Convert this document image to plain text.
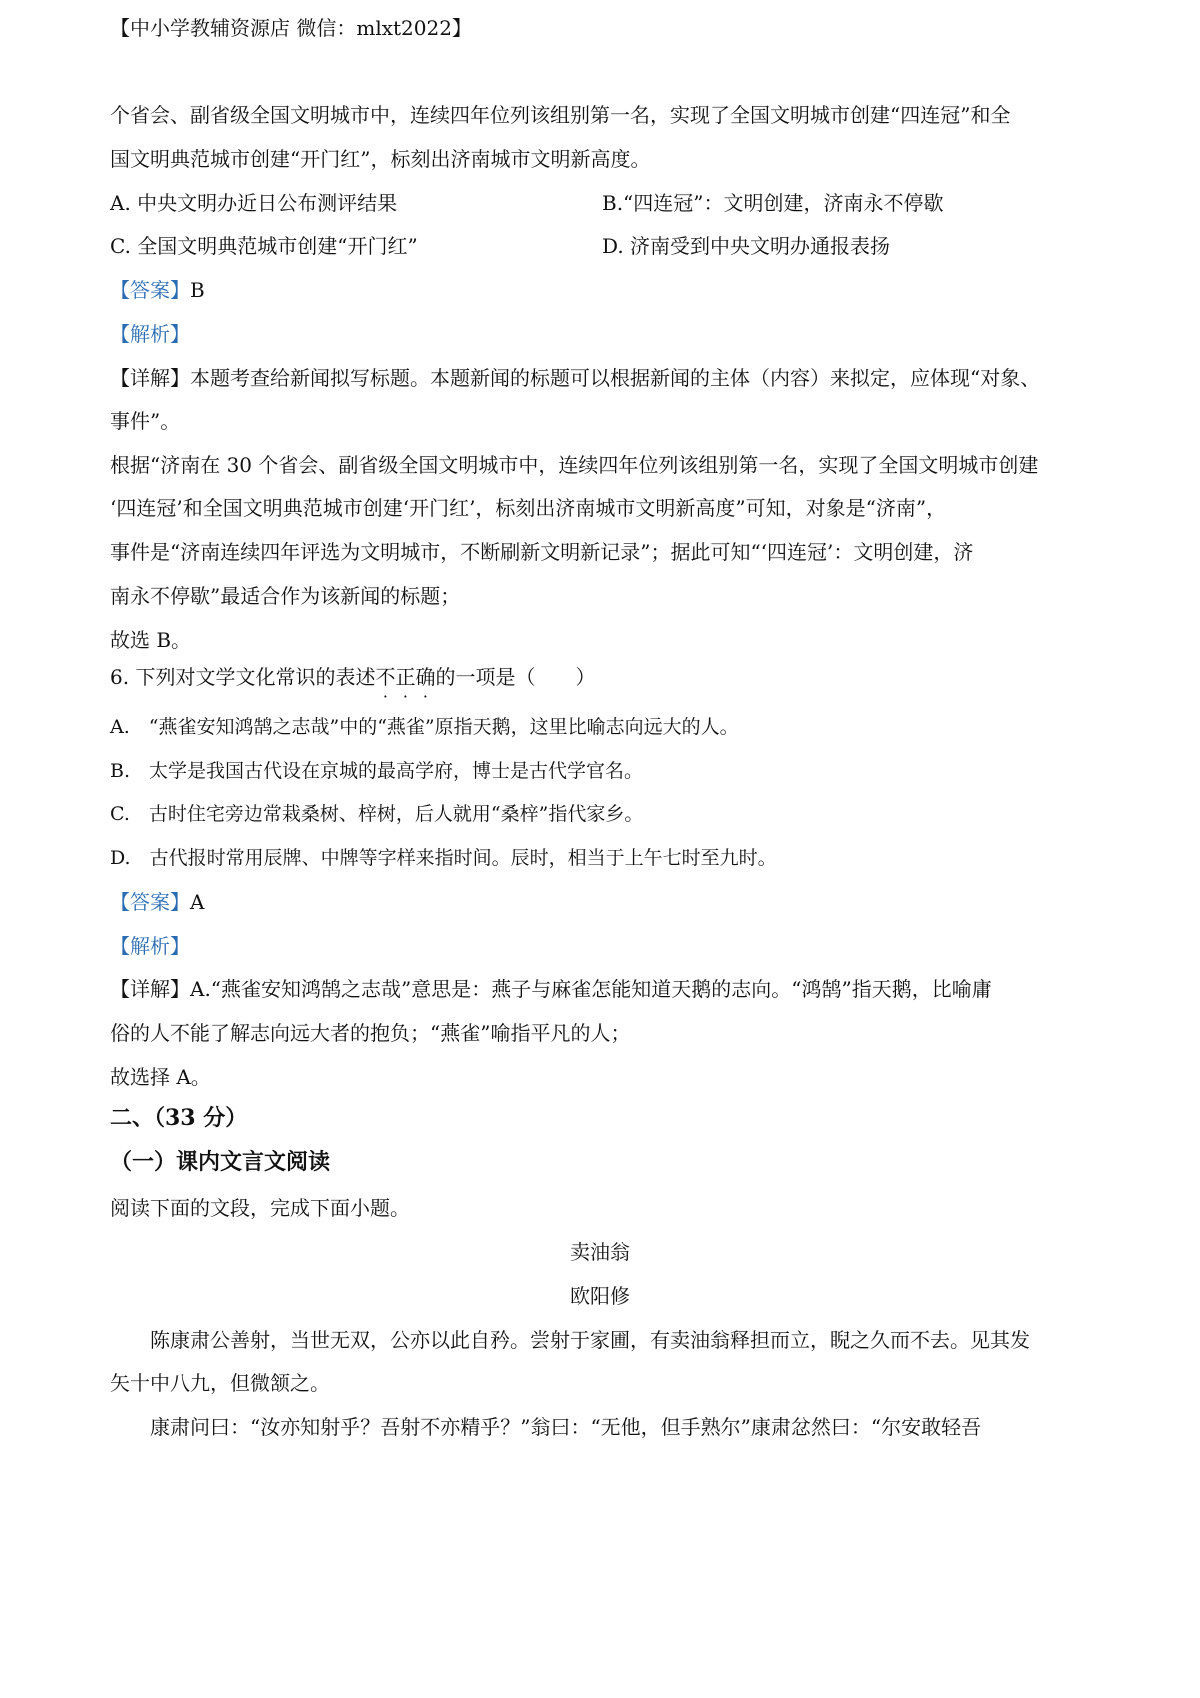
【中小学教辅资源店 微信：mlxt2022】
个省会、副省级全国文明城市中，连续四年位列该组别第一名，实现了全国文明城市创建“四连冠”和全
国文明典范城市创建“开门红”，标刻出济南城市文明新高度。
A. 中央文明办近日公布测评结果	B.“四连冠”：文明创建，济南永不停歇
C. 全国文明典范城市创建“开门红”	D. 济南受到中央文明办通报表扬
【答案】B
【解析】
【详解】本题考查给新闻拟写标题。本题新闻的标题可以根据新闻的主体（内容）来拟定，应体现“对象、
事件”。
根据“济南在 30 个省会、副省级全国文明城市中，连续四年位列该组别第一名，实现了全国文明城市创建
‘四连冠’和全国文明典范城市创建‘开门红’，标刻出济南城市文明新高度”可知，对象是“济南”，
事件是“济南连续四年评选为文明城市，不断刷新文明新记录”；据此可知“‘四连冠’：文明创建，济
南永不停歇”最适合作为该新闻的标题；
故选 B。
6. 下列对文学文化常识的表述不正确的一项是（　　）
A.　“燕雀安知鸿鹄之志哉”中的“燕雀”原指天鹅，这里比喻志向远大的人。
B.　太学是我国古代设在京城的最高学府，博士是古代学官名。
C.　古时住宅旁边常栽桑树、梓树，后人就用“桑梓”指代家乡。
D.　古代报时常用辰牌、中牌等字样来指时间。辰时，相当于上午七时至九时。
【答案】A
【解析】
【详解】A.“燕雀安知鸿鹄之志哉”意思是：燕子与麻雀怎能知道天鹅的志向。“鸿鹄”指天鹅，比喻庸
俗的人不能了解志向远大者的抱负；“燕雀”喻指平凡的人；
故选择 A。
二、（33 分）
（一）课内文言文阅读
阅读下面的文段，完成下面小题。
卖油翁
欧阳修
陈康肃公善射，当世无双，公亦以此自矜。尝射于家圃，有卖油翁释担而立，睨之久而不去。见其发
矢十中八九，但微颔之。
康肃问曰：“汝亦知射乎？吾射不亦精乎？”翁曰：“无他，但手熟尔”康肃忿然曰：“尔安敢轻吾
